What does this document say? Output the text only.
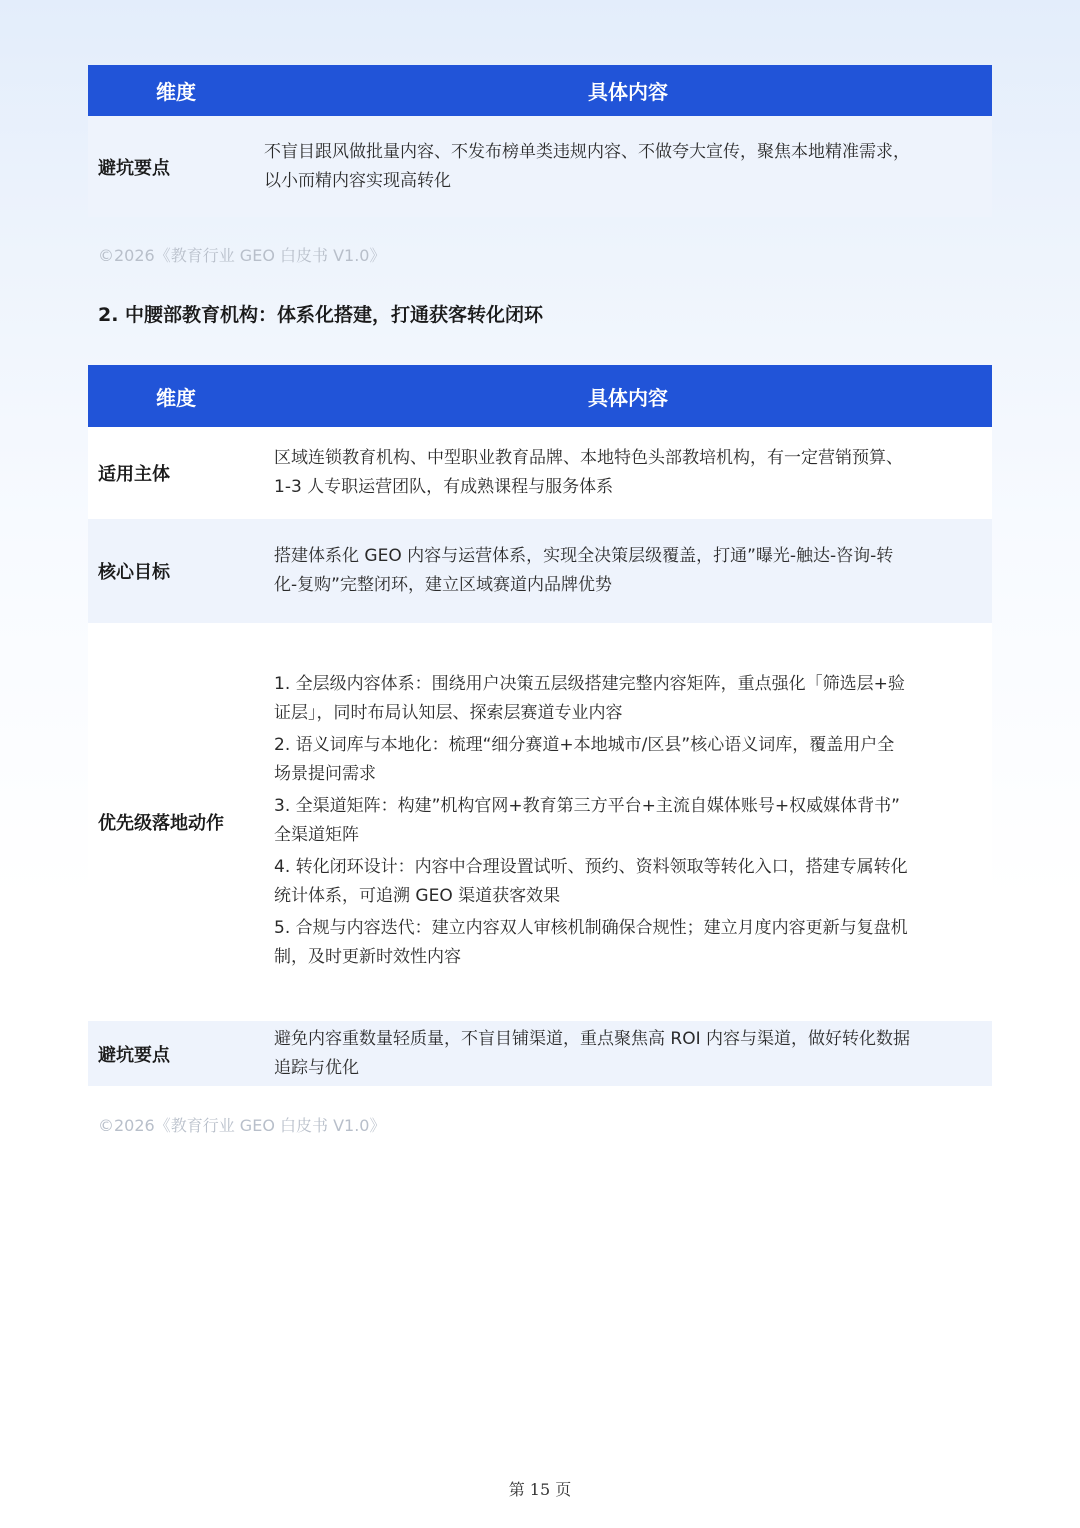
维度	具体内容
避坑要点
不盲目跟风做批量内容、不发布榜单类违规内容、不做夸大宣传，聚焦本地精准需求，
以小而精内容实现高转化
©2026《教育行业 GEO 白皮书 V1.0》
2. 中腰部教育机构：体系化搭建，打通获客转化闭环
维度	具体内容
适用主体
区域连锁教育机构、中型职业教育品牌、本地特色头部教培机构，有一定营销预算、
1-3 人专职运营团队，有成熟课程与服务体系
核心目标
搭建体系化 GEO 内容与运营体系，实现全决策层级覆盖，打通”曝光-触达-咨询-转
化-复购”完整闭环，建立区域赛道内品牌优势
优先级落地动作
1. 全层级内容体系：围绕用户决策五层级搭建完整内容矩阵，重点强化「筛选层+验
证层」，同时布局认知层、探索层赛道专业内容
2. 语义词库与本地化：梳理“细分赛道+本地城市/区县”核心语义词库，覆盖用户全
场景提问需求
3. 全渠道矩阵：构建”机构官网+教育第三方平台+主流自媒体账号+权威媒体背书”
全渠道矩阵
4. 转化闭环设计：内容中合理设置试听、预约、资料领取等转化入口，搭建专属转化
统计体系，可追溯 GEO 渠道获客效果
5. 合规与内容迭代：建立内容双人审核机制确保合规性；建立月度内容更新与复盘机
制，及时更新时效性内容
避坑要点
避免内容重数量轻质量，不盲目铺渠道，重点聚焦高 ROI 内容与渠道，做好转化数据
追踪与优化
©2026《教育行业 GEO 白皮书 V1.0》
第 15 页
